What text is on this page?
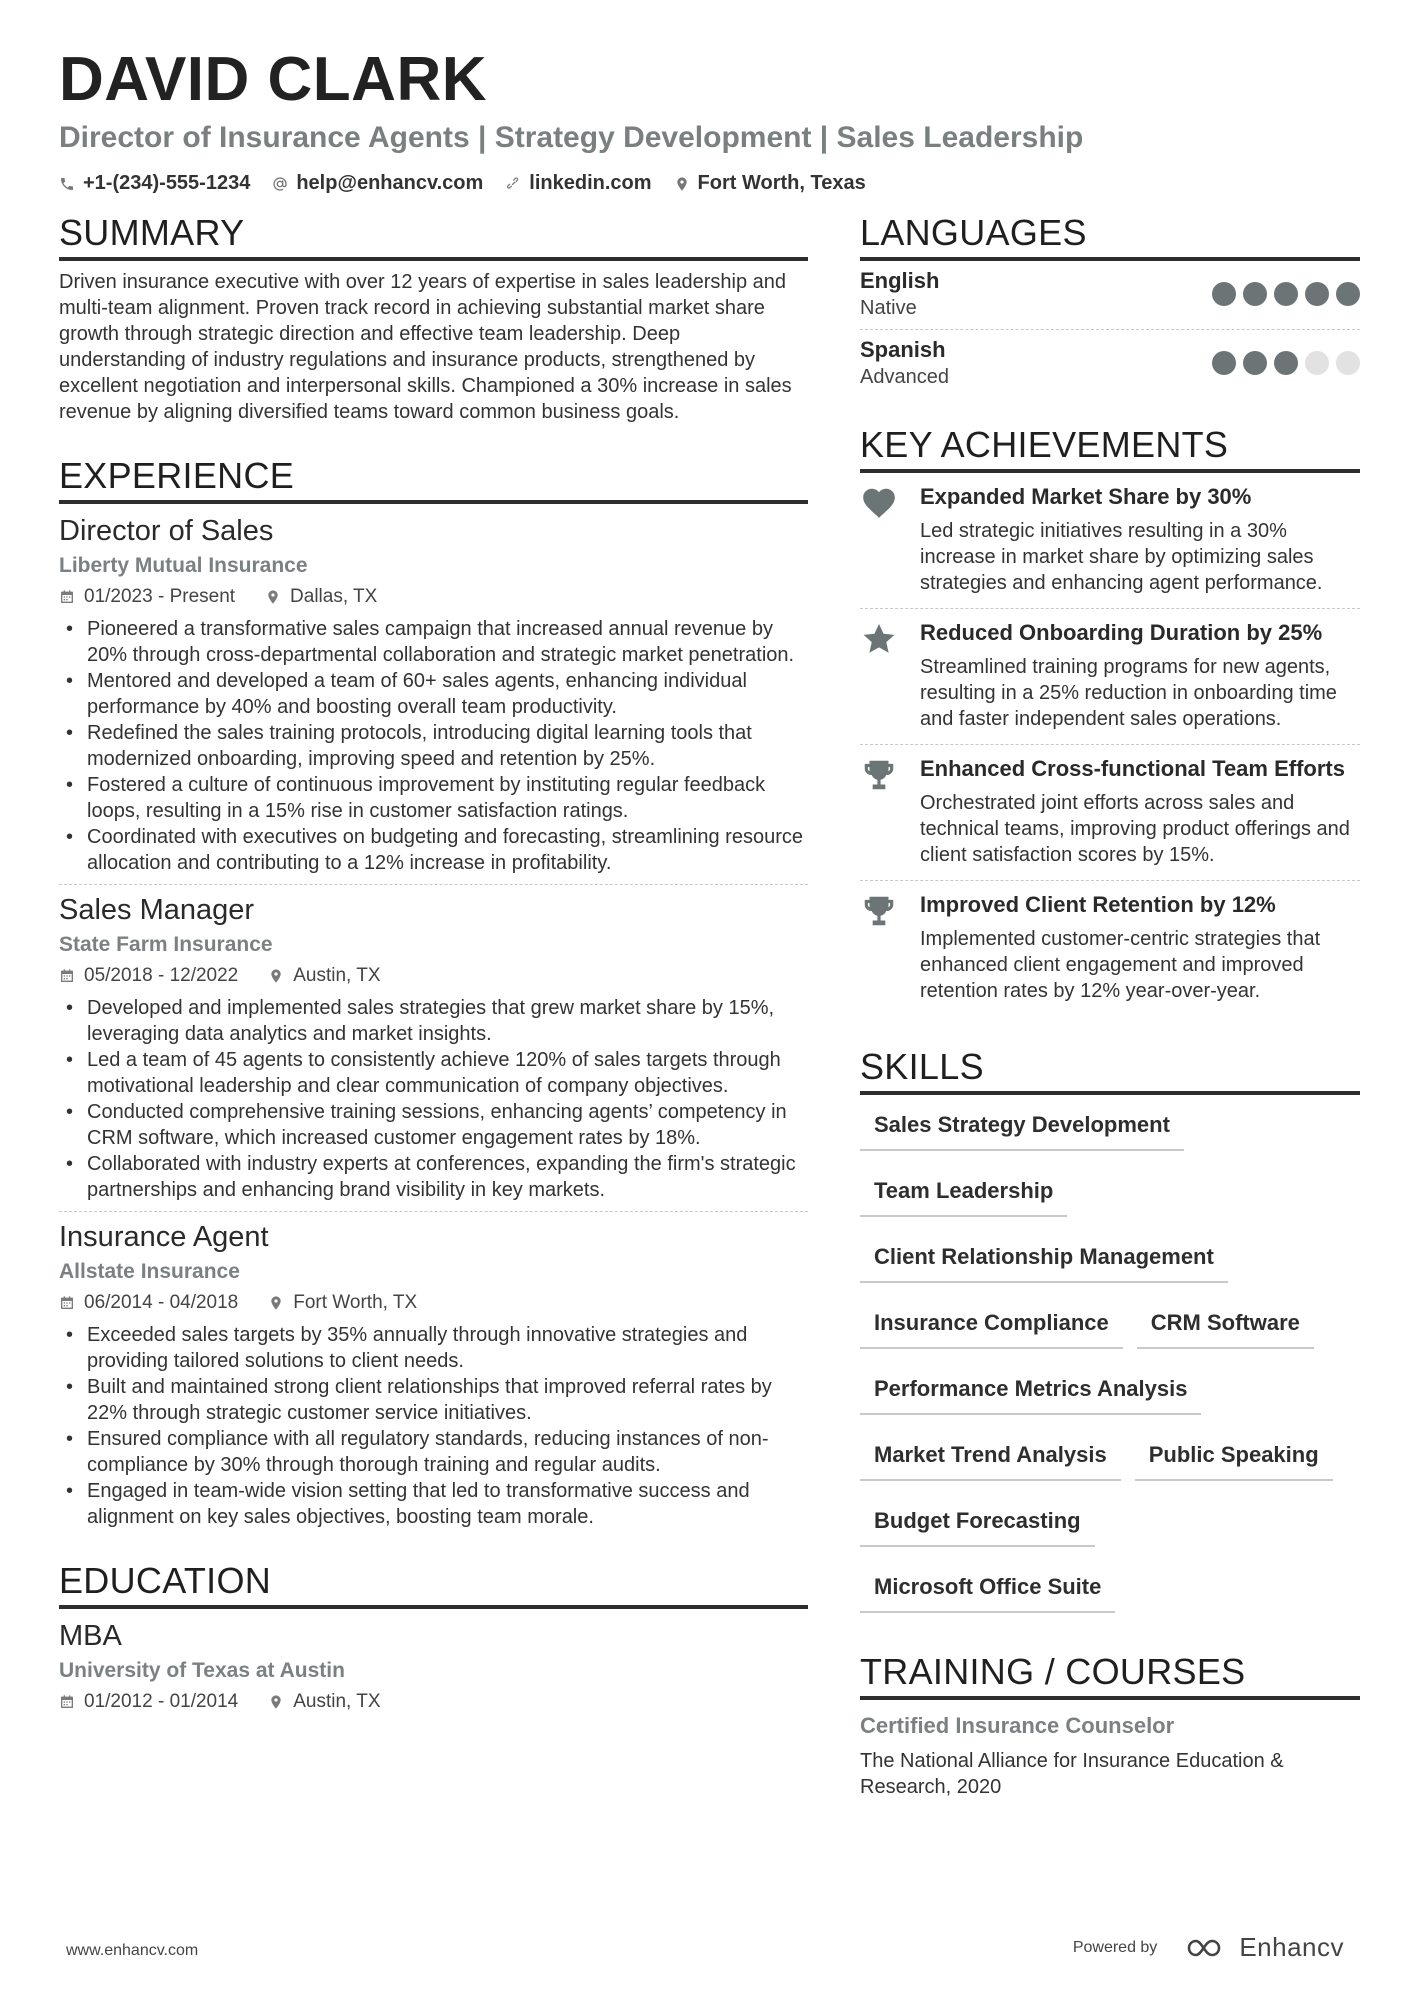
DAVID CLARK
Director of Insurance Agents | Strategy Development | Sales Leadership
+1-(234)-555-1234 help@enhancv.com linkedin.com Fort Worth, Texas
SUMMARY
Driven insurance executive with over 12 years of expertise in sales leadership and multi-team alignment. Proven track record in achieving substantial market share growth through strategic direction and effective team leadership. Deep understanding of industry regulations and insurance products, strengthened by excellent negotiation and interpersonal skills. Championed a 30% increase in sales revenue by aligning diversified teams toward common business goals.
EXPERIENCE
Director of Sales
Liberty Mutual Insurance
01/2023 - Present	Dallas, TX
• Pioneered a transformative sales campaign that increased annual revenue by 20% through cross-departmental collaboration and strategic market penetration.
• Mentored and developed a team of 60+ sales agents, enhancing individual performance by 40% and boosting overall team productivity.
• Redefined the sales training protocols, introducing digital learning tools that modernized onboarding, improving speed and retention by 25%.
• Fostered a culture of continuous improvement by instituting regular feedback loops, resulting in a 15% rise in customer satisfaction ratings.
• Coordinated with executives on budgeting and forecasting, streamlining resource allocation and contributing to a 12% increase in profitability.
Sales Manager
State Farm Insurance
05/2018 - 12/2022	Austin, TX
• Developed and implemented sales strategies that grew market share by 15%, leveraging data analytics and market insights.
• Led a team of 45 agents to consistently achieve 120% of sales targets through motivational leadership and clear communication of company objectives.
• Conducted comprehensive training sessions, enhancing agents’ competency in CRM software, which increased customer engagement rates by 18%.
• Collaborated with industry experts at conferences, expanding the firm's strategic partnerships and enhancing brand visibility in key markets.
Insurance Agent
Allstate Insurance
06/2014 - 04/2018	Fort Worth, TX
• Exceeded sales targets by 35% annually through innovative strategies and providing tailored solutions to client needs.
• Built and maintained strong client relationships that improved referral rates by 22% through strategic customer service initiatives.
• Ensured compliance with all regulatory standards, reducing instances of non-compliance by 30% through thorough training and regular audits.
• Engaged in team-wide vision setting that led to transformative success and alignment on key sales objectives, boosting team morale.
EDUCATION
MBA
University of Texas at Austin
01/2012 - 01/2014	Austin, TX
LANGUAGES
English
Native
Spanish
Advanced
KEY ACHIEVEMENTS
Expanded Market Share by 30%
Led strategic initiatives resulting in a 30% increase in market share by optimizing sales strategies and enhancing agent performance.
Reduced Onboarding Duration by 25%
Streamlined training programs for new agents, resulting in a 25% reduction in onboarding time and faster independent sales operations.
Enhanced Cross-functional Team Efforts
Orchestrated joint efforts across sales and technical teams, improving product offerings and client satisfaction scores by 15%.
Improved Client Retention by 12%
Implemented customer-centric strategies that enhanced client engagement and improved retention rates by 12% year-over-year.
SKILLS
Sales Strategy Development
Team Leadership
Client Relationship Management
Insurance Compliance	CRM Software
Performance Metrics Analysis
Market Trend Analysis	Public Speaking
Budget Forecasting
Microsoft Office Suite
TRAINING / COURSES
Certified Insurance Counselor
The National Alliance for Insurance Education & Research, 2020
www.enhancv.com	Powered by	Enhancv
